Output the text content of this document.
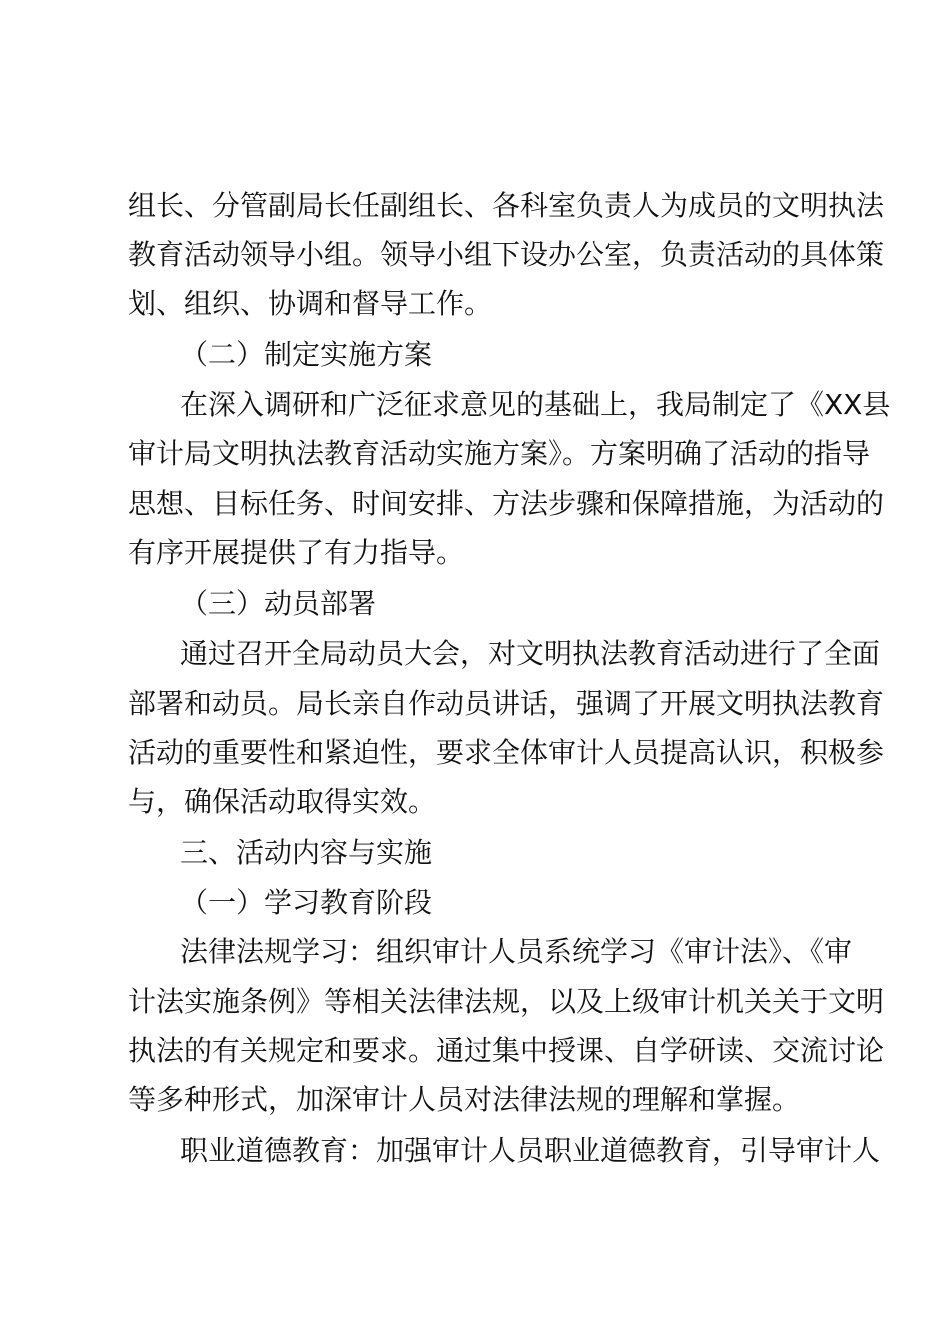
组长、分管副局长任副组长、各科室负责人为成员的文明执法
教育活动领导小组。领导小组下设办公室，负责活动的具体策
划、组织、协调和督导工作。
（二）制定实施方案
在深入调研和广泛征求意见的基础上，我局制定了《XX县
审计局文明执法教育活动实施方案》。方案明确了活动的指导
思想、目标任务、时间安排、方法步骤和保障措施，为活动的
有序开展提供了有力指导。
（三）动员部署
通过召开全局动员大会，对文明执法教育活动进行了全面
部署和动员。局长亲自作动员讲话，强调了开展文明执法教育
活动的重要性和紧迫性，要求全体审计人员提高认识，积极参
与，确保活动取得实效。
三、活动内容与实施
（一）学习教育阶段
法律法规学习：组织审计人员系统学习《审计法》、《审
计法实施条例》等相关法律法规，以及上级审计机关关于文明
执法的有关规定和要求。通过集中授课、自学研读、交流讨论
等多种形式，加深审计人员对法律法规的理解和掌握。
职业道德教育：加强审计人员职业道德教育，引导审计人
